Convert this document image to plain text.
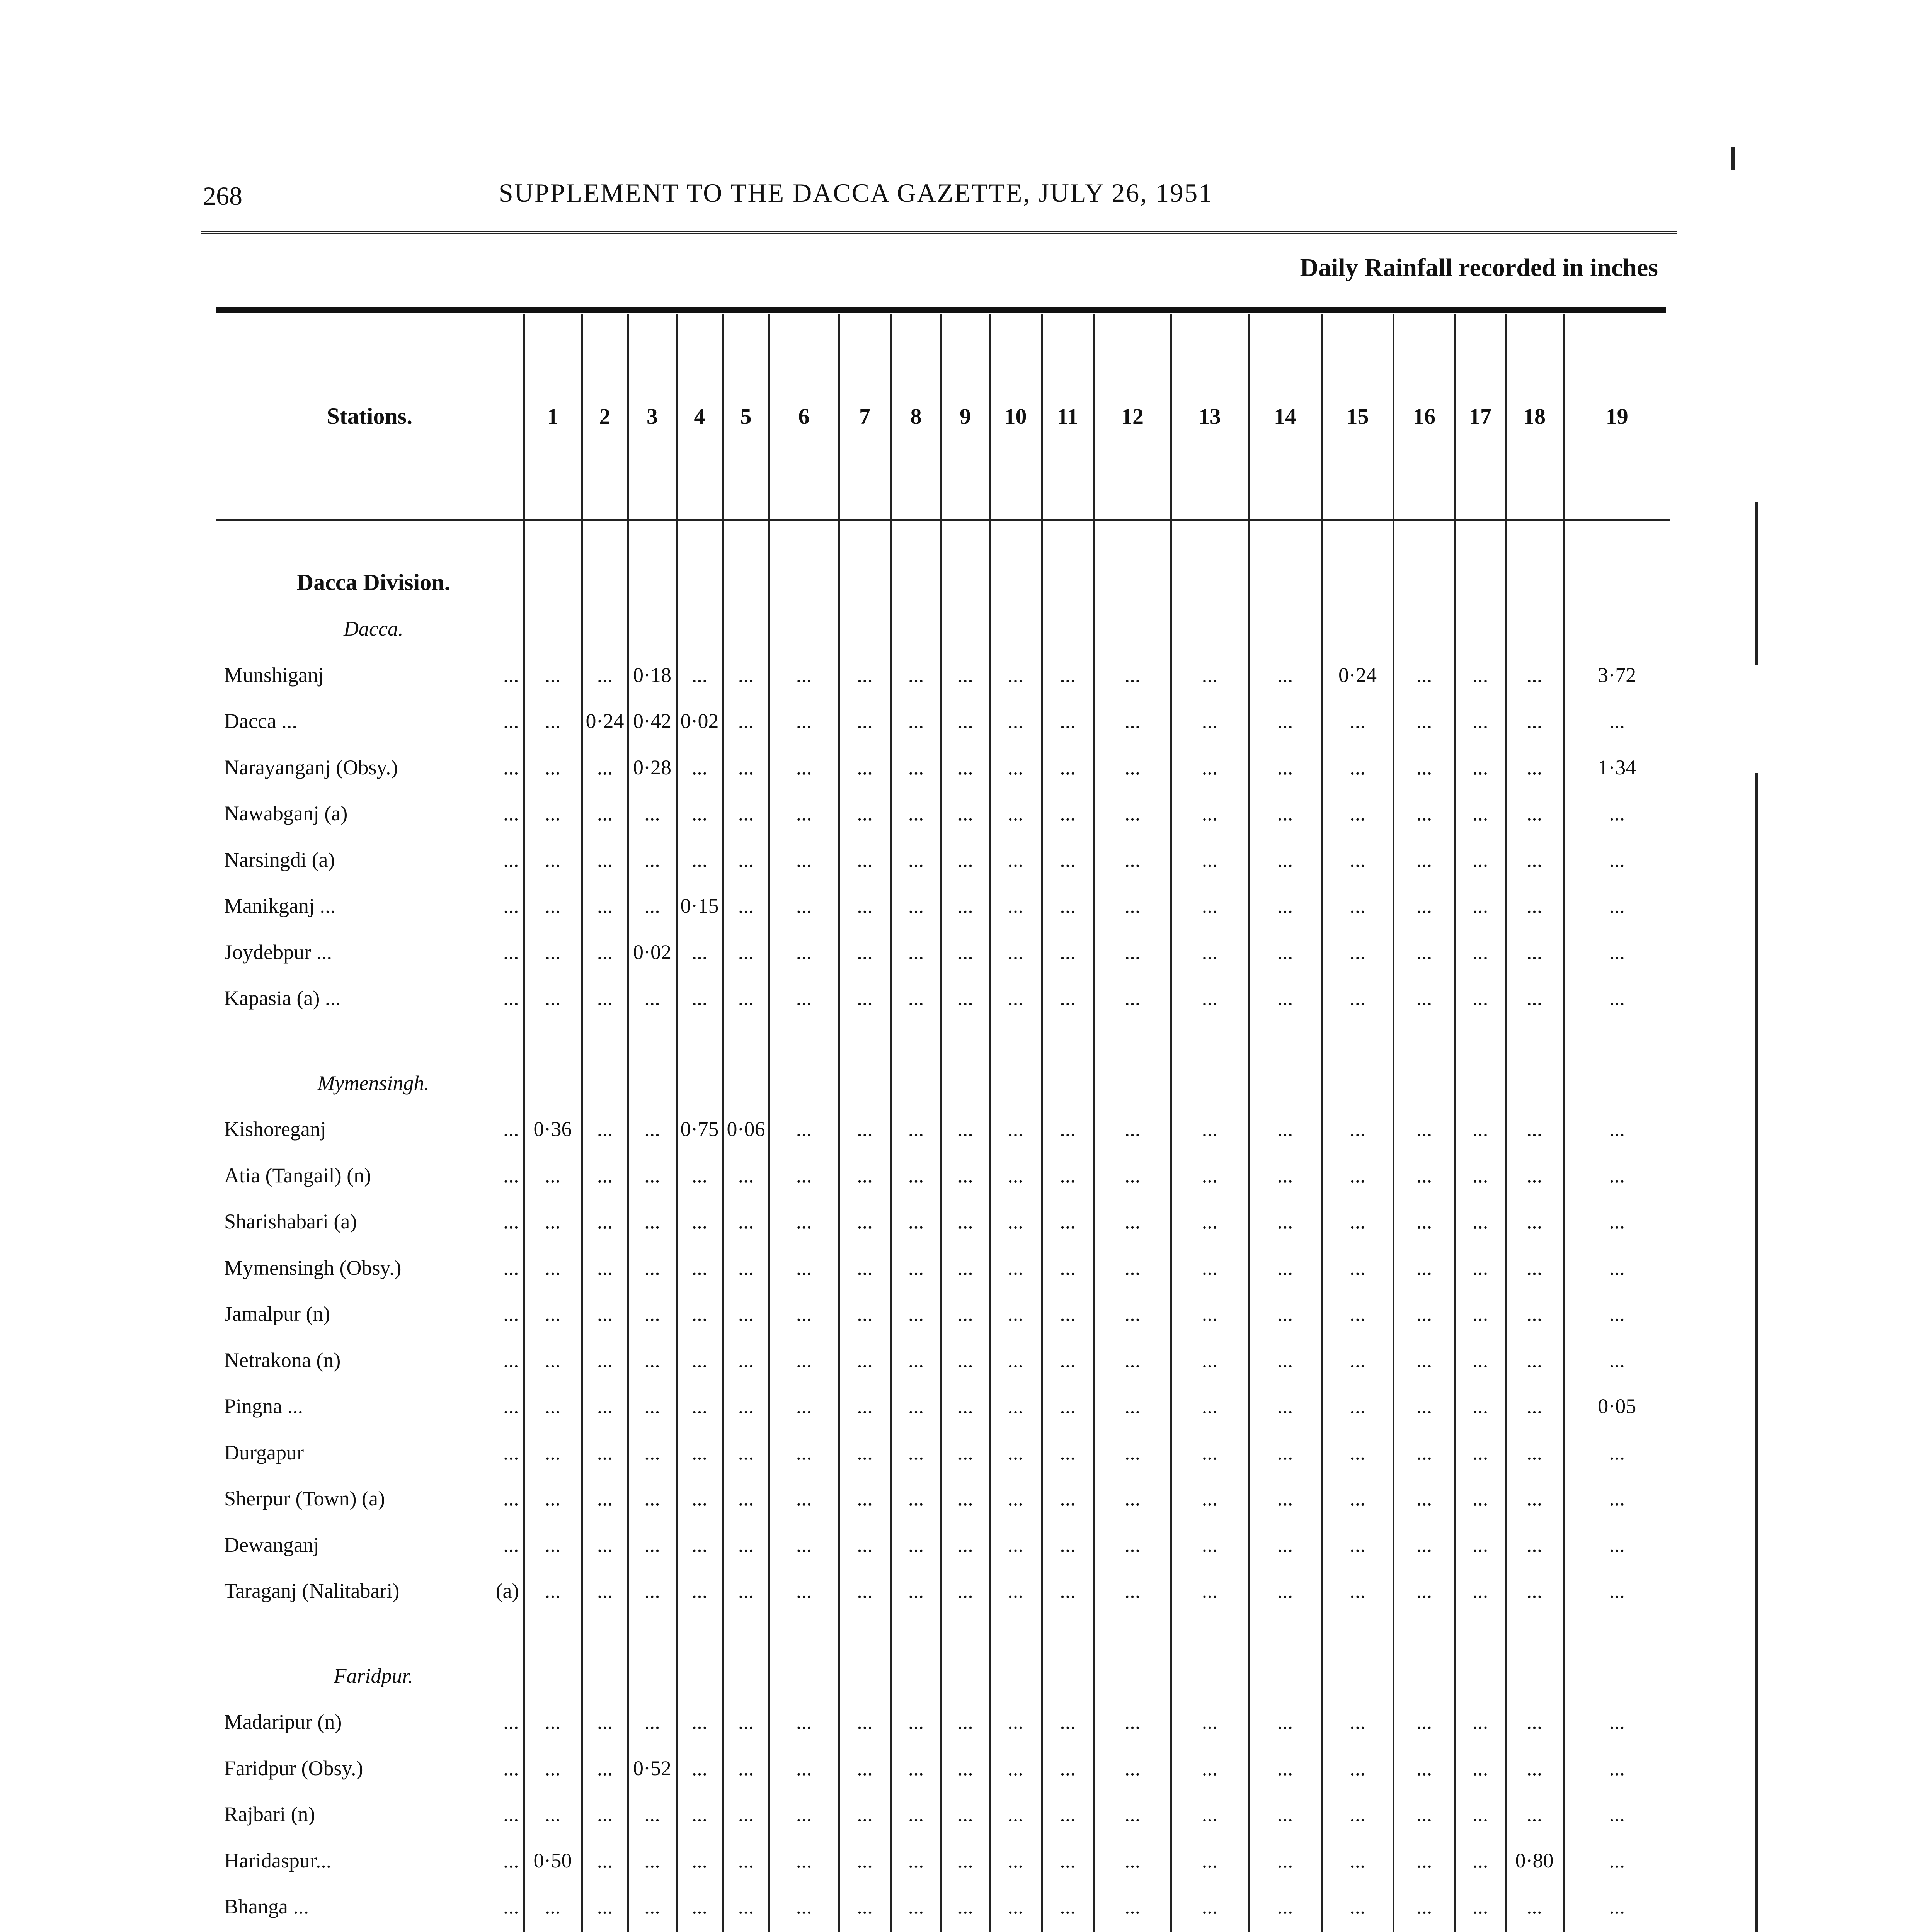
268	SUPPLEMENT TO THE DACCA GAZETTE, JULY 26, 1951
Daily Rainfall recorded in inches
Stations.	1	2	3	4	5	6	7	8	9	10	11	12	13	14	15	16	17	18	19

Dacca Division.																			
Dacca.																			
Munshiganj ...	...	...	0·18	...	...	...	...	...	...	...	...	...	...	...	0·24	...	...	...	3·72
Dacca ... ...	...	0·24	0·42	0·02	...	...	...	...	...	...	...	...	...	...	...	...	...	...	...
Narayanganj (Obsy.) ...	...	...	0·28	...	...	...	...	...	...	...	...	...	...	...	...	...	...	...	1·34
Nawabganj (a) ...	...	...	...	...	...	...	...	...	...	...	...	...	...	...	...	...	...	...	...
Narsingdi (a) ...	...	...	...	...	...	...	...	...	...	...	...	...	...	...	...	...	...	...	...
Manikganj ... ...	...	...	...	0·15	...	...	...	...	...	...	...	...	...	...	...	...	...	...	...
Joydebpur ... ...	...	...	0·02	...	...	...	...	...	...	...	...	...	...	...	...	...	...	...	...
Kapasia (a) ... ...	...	...	...	...	...	...	...	...	...	...	...	...	...	...	...	...	...	...	...

Mymensingh.																			
Kishoreganj ...	0·36	...	...	0·75	0·06	...	...	...	...	...	...	...	...	...	...	...	...	...	...
Atia (Tangail) (n) ...	...	...	...	...	...	...	...	...	...	...	...	...	...	...	...	...	...	...	...
Sharishabari (a) ...	...	...	...	...	...	...	...	...	...	...	...	...	...	...	...	...	...	...	...
Mymensingh (Obsy.) ...	...	...	...	...	...	...	...	...	...	...	...	...	...	...	...	...	...	...	...
Jamalpur (n) ...	...	...	...	...	...	...	...	...	...	...	...	...	...	...	...	...	...	...	...
Netrakona (n) ...	...	...	...	...	...	...	...	...	...	...	...	...	...	...	...	...	...	...	...
Pingna ... ...	...	...	...	...	...	...	...	...	...	...	...	...	...	...	...	...	...	...	0·05
Durgapur ...	...	...	...	...	...	...	...	...	...	...	...	...	...	...	...	...	...	...	...
Sherpur (Town) (a) ...	...	...	...	...	...	...	...	...	...	...	...	...	...	...	...	...	...	...	...
Dewanganj ...	...	...	...	...	...	...	...	...	...	...	...	...	...	...	...	...	...	...	...
Taraganj (Nalitabari) (a)	...	...	...	...	...	...	...	...	...	...	...	...	...	...	...	...	...	...	...

Faridpur.																			
Madaripur (n) ...	...	...	...	...	...	...	...	...	...	...	...	...	...	...	...	...	...	...	...
Faridpur (Obsy.) ...	...	...	0·52	...	...	...	...	...	...	...	...	...	...	...	...	...	...	...	...
Rajbari (n) ...	...	...	...	...	...	...	...	...	...	...	...	...	...	...	...	...	...	...	...
Haridaspur... ...	0·50	...	...	...	...	...	...	...	...	...	...	...	...	...	...	...	...	0·80	...
Bhanga ... ...	...	...	...	...	...	...	...	...	...	...	...	...	...	...	...	...	...	...	...
